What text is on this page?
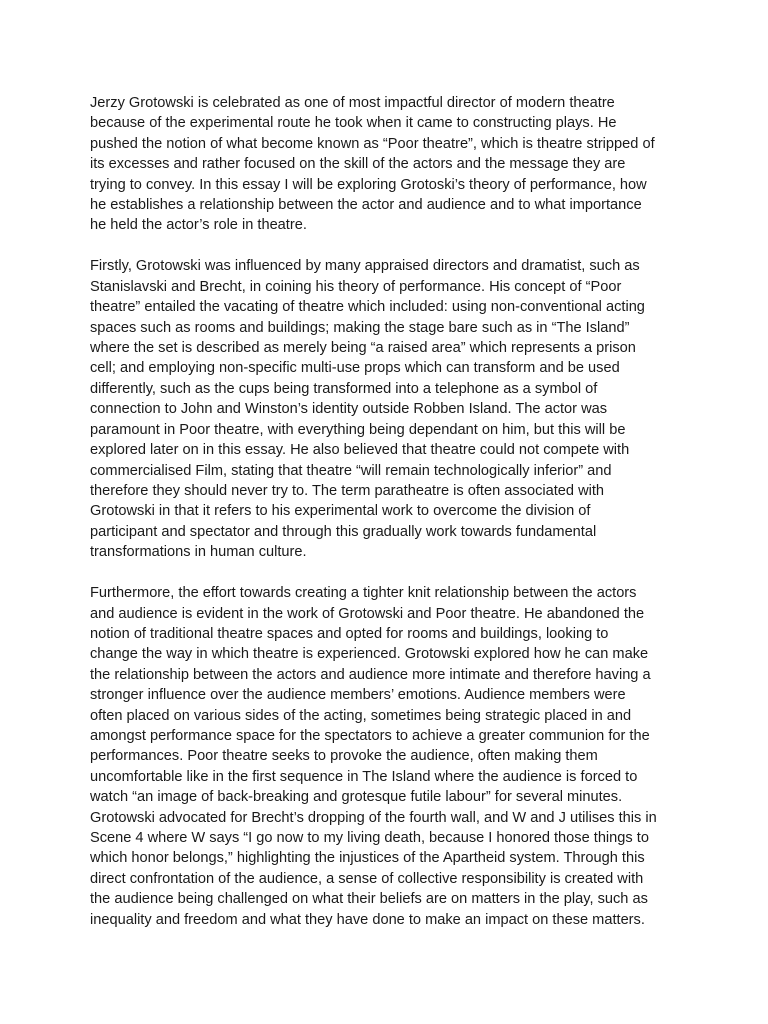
Jerzy Grotowski is celebrated as one of most impactful director of modern theatre
because of the experimental route he took when it came to constructing plays. He
pushed the notion of what become known as “Poor theatre”, which is theatre stripped of
its excesses and rather focused on the skill of the actors and the message they are
trying to convey. In this essay I will be exploring Grotoski’s theory of performance, how
he establishes a relationship between the actor and audience and to what importance
he held the actor’s role in theatre.

Firstly, Grotowski was influenced by many appraised directors and dramatist, such as
Stanislavski and Brecht, in coining his theory of performance. His concept of “Poor
theatre” entailed the vacating of theatre which included: using non-conventional acting
spaces such as rooms and buildings; making the stage bare such as in “The Island”
where the set is described as merely being “a raised area” which represents a prison
cell; and employing non-specific multi-use props which can transform and be used
differently, such as the cups being transformed into a telephone as a symbol of
connection to John and Winston’s identity outside Robben Island. The actor was
paramount in Poor theatre, with everything being dependant on him, but this will be
explored later on in this essay. He also believed that theatre could not compete with
commercialised Film, stating that theatre “will remain technologically inferior” and
therefore they should never try to. The term paratheatre is often associated with
Grotowski in that it refers to his experimental work to overcome the division of
participant and spectator and through this gradually work towards fundamental
transformations in human culture.

Furthermore, the effort towards creating a tighter knit relationship between the actors
and audience is evident in the work of Grotowski and Poor theatre. He abandoned the
notion of traditional theatre spaces and opted for rooms and buildings, looking to
change the way in which theatre is experienced. Grotowski explored how he can make
the relationship between the actors and audience more intimate and therefore having a
stronger influence over the audience members’ emotions. Audience members were
often placed on various sides of the acting, sometimes being strategic placed in and
amongst performance space for the spectators to achieve a greater communion for the
performances. Poor theatre seeks to provoke the audience, often making them
uncomfortable like in the first sequence in The Island where the audience is forced to
watch “an image of back-breaking and grotesque futile labour” for several minutes.
Grotowski advocated for Brecht’s dropping of the fourth wall, and W and J utilises this in
Scene 4 where W says “I go now to my living death, because I honored those things to
which honor belongs,” highlighting the injustices of the Apartheid system. Through this
direct confrontation of the audience, a sense of collective responsibility is created with
the audience being challenged on what their beliefs are on matters in the play, such as
inequality and freedom and what they have done to make an impact on these matters.
